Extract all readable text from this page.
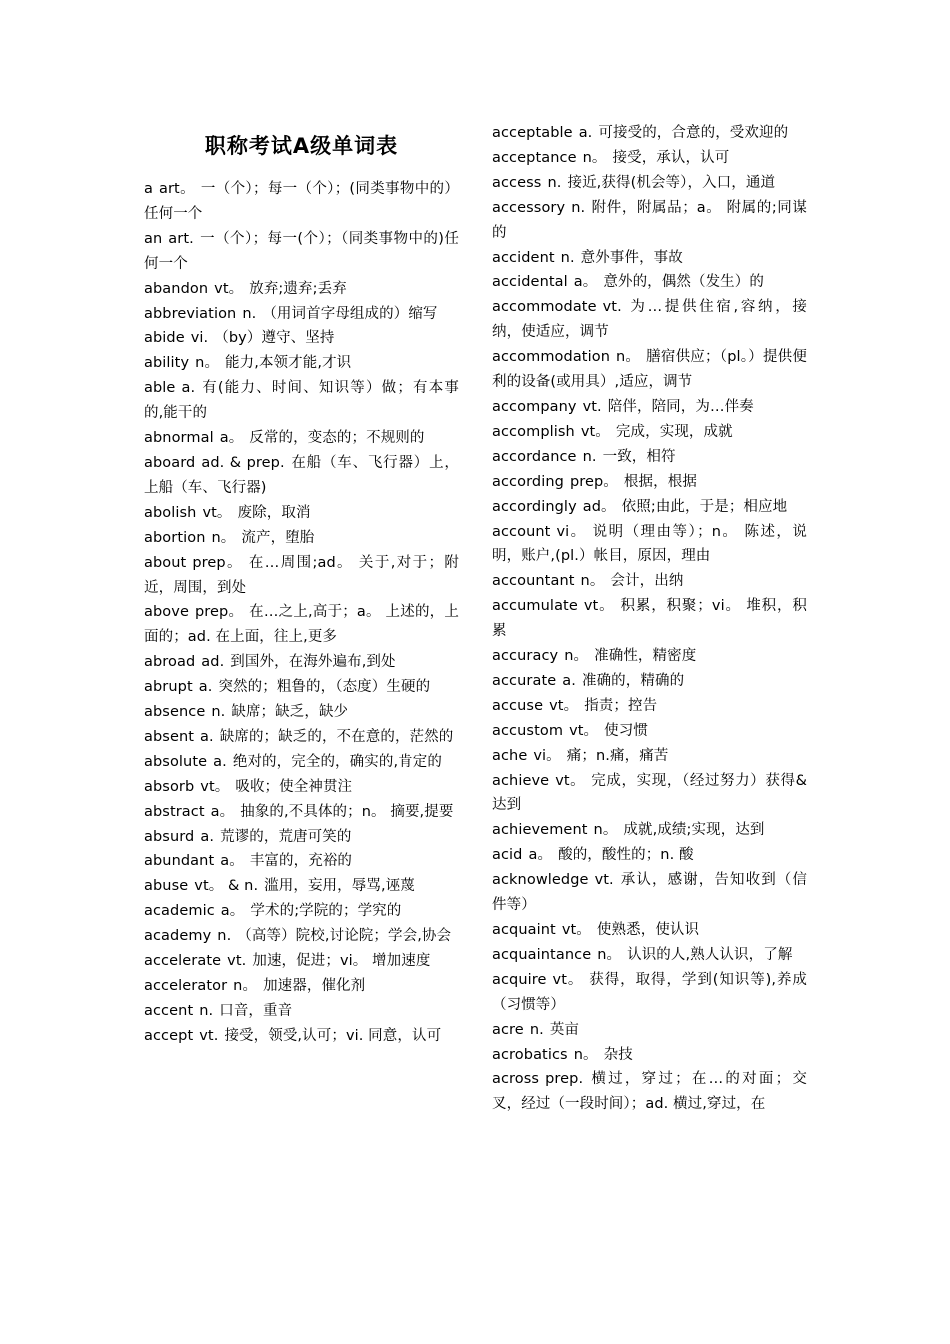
职称考试A级单词表
a art。 一（个）；每一（个）；(同类事物中的）任何一个
an art. 一（个）；每一(个）；（同类事物中的)任何一个
abandon vt。 放弃;遗弃;丢弃
abbreviation n. （用词首字母组成的）缩写
abide vi. （by）遵守、坚持
ability n。 能力,本领才能,才识
able a. 有(能力、时间、知识等）做；有本事的,能干的
abnormal a。 反常的，变态的；不规则的
aboard ad. & prep. 在船（车、飞行器）上，上船（车、飞行器)
abolish vt。 废除，取消
abortion n。 流产，堕胎
about prep。 在…周围;ad。 关于,对于；附近，周围，到处
above prep。 在…之上,高于；a。 上述的，上面的；ad. 在上面，往上,更多
abroad ad. 到国外，在海外遍布,到处
abrupt a. 突然的；粗鲁的，（态度）生硬的
absence n. 缺席；缺乏，缺少
absent a. 缺席的；缺乏的，不在意的，茫然的
absolute a. 绝对的，完全的，确实的,肯定的
absorb vt。 吸收；使全神贯注
abstract a。 抽象的,不具体的；n。 摘要,提要
absurd a. 荒谬的，荒唐可笑的
abundant a。 丰富的，充裕的
abuse vt。 & n. 滥用，妄用，辱骂,诬蔑
academic a。 学术的;学院的；学究的
academy n. （高等）院校,讨论院；学会,协会
accelerate vt. 加速，促进；vi。 增加速度
accelerator n。 加速器，催化剂
accent n. 口音，重音
accept vt. 接受，领受,认可；vi. 同意，认可
acceptable a. 可接受的，合意的，受欢迎的
acceptance n。 接受，承认，认可
access n. 接近,获得(机会等），入口，通道
accessory n. 附件，附属品；a。 附属的;同谋的
accident n. 意外事件，事故
accidental a。 意外的，偶然（发生）的
accommodate vt. 为…提供住宿,容纳，接纳，使适应，调节
accommodation n。 膳宿供应；（pl。）提供便利的设备(或用具）,适应，调节
accompany vt. 陪伴，陪同，为…伴奏
accomplish vt。 完成，实现，成就
accordance n. 一致，相符
according prep。 根据，根据
accordingly ad。 依照;由此，于是；相应地
account vi。 说明（理由等）；n。 陈述，说明，账户,(pl.）帐目，原因，理由
accountant n。 会计，出纳
accumulate vt。 积累，积聚；vi。 堆积，积累
accuracy n。 准确性，精密度
accurate a. 准确的，精确的
accuse vt。 指责；控告
accustom vt。 使习惯
ache vi。 痛；n.痛，痛苦
achieve vt。 完成，实现，（经过努力）获得& 达到
achievement n。 成就,成绩;实现，达到
acid a。 酸的，酸性的；n. 酸
acknowledge vt. 承认，感谢，告知收到（信件等）
acquaint vt。 使熟悉，使认识
acquaintance n。 认识的人,熟人认识，了解
acquire vt。 获得，取得，学到(知识等),养成（习惯等）
acre n. 英亩
acrobatics n。 杂技
across prep. 横过，穿过；在…的对面；交叉，经过（一段时间）；ad. 横过,穿过，在
